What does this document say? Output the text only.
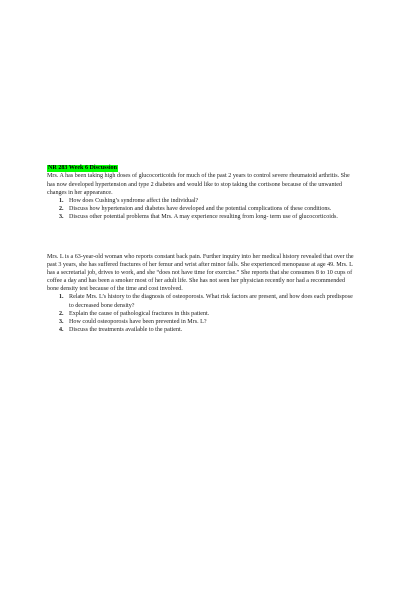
NR 283 Week 6 Discussion

Mrs. A has been taking high doses of glucocorticoids for much of the past 2 years to control severe rheumatoid arthritis. She has now developed hypertension and type 2 diabetes and would like to stop taking the cortisone because of the unwanted changes in her appearance.

1. How does Cushing’s syndrome affect the individual?
2. Discuss how hypertension and diabetes have developed and the potential complications of these conditions.
3. Discuss other potential problems that Mrs. A may experience resulting from long- term use of glucocorticoids.

Mrs. L is a 63-year-old woman who reports constant back pain. Further inquiry into her medical history revealed that over the past 3 years, she has suffered fractures of her femur and wrist after minor falls. She experienced menopause at age 49. Mrs. L has a secretarial job, drives to work, and she “does not have time for exercise.” She reports that she consumes 8 to 10 cups of coffee a day and has been a smoker most of her adult life. She has not seen her physician recently nor had a recommended bone density test because of the time and cost involved.

1. Relate Mrs. L’s history to the diagnosis of osteoporosis. What risk factors are present, and how does each predispose to decreased bone density?
2. Explain the cause of pathological fractures in this patient.
3. How could osteoporosis have been prevented in Mrs. L?
4. Discuss the treatments available to the patient.
